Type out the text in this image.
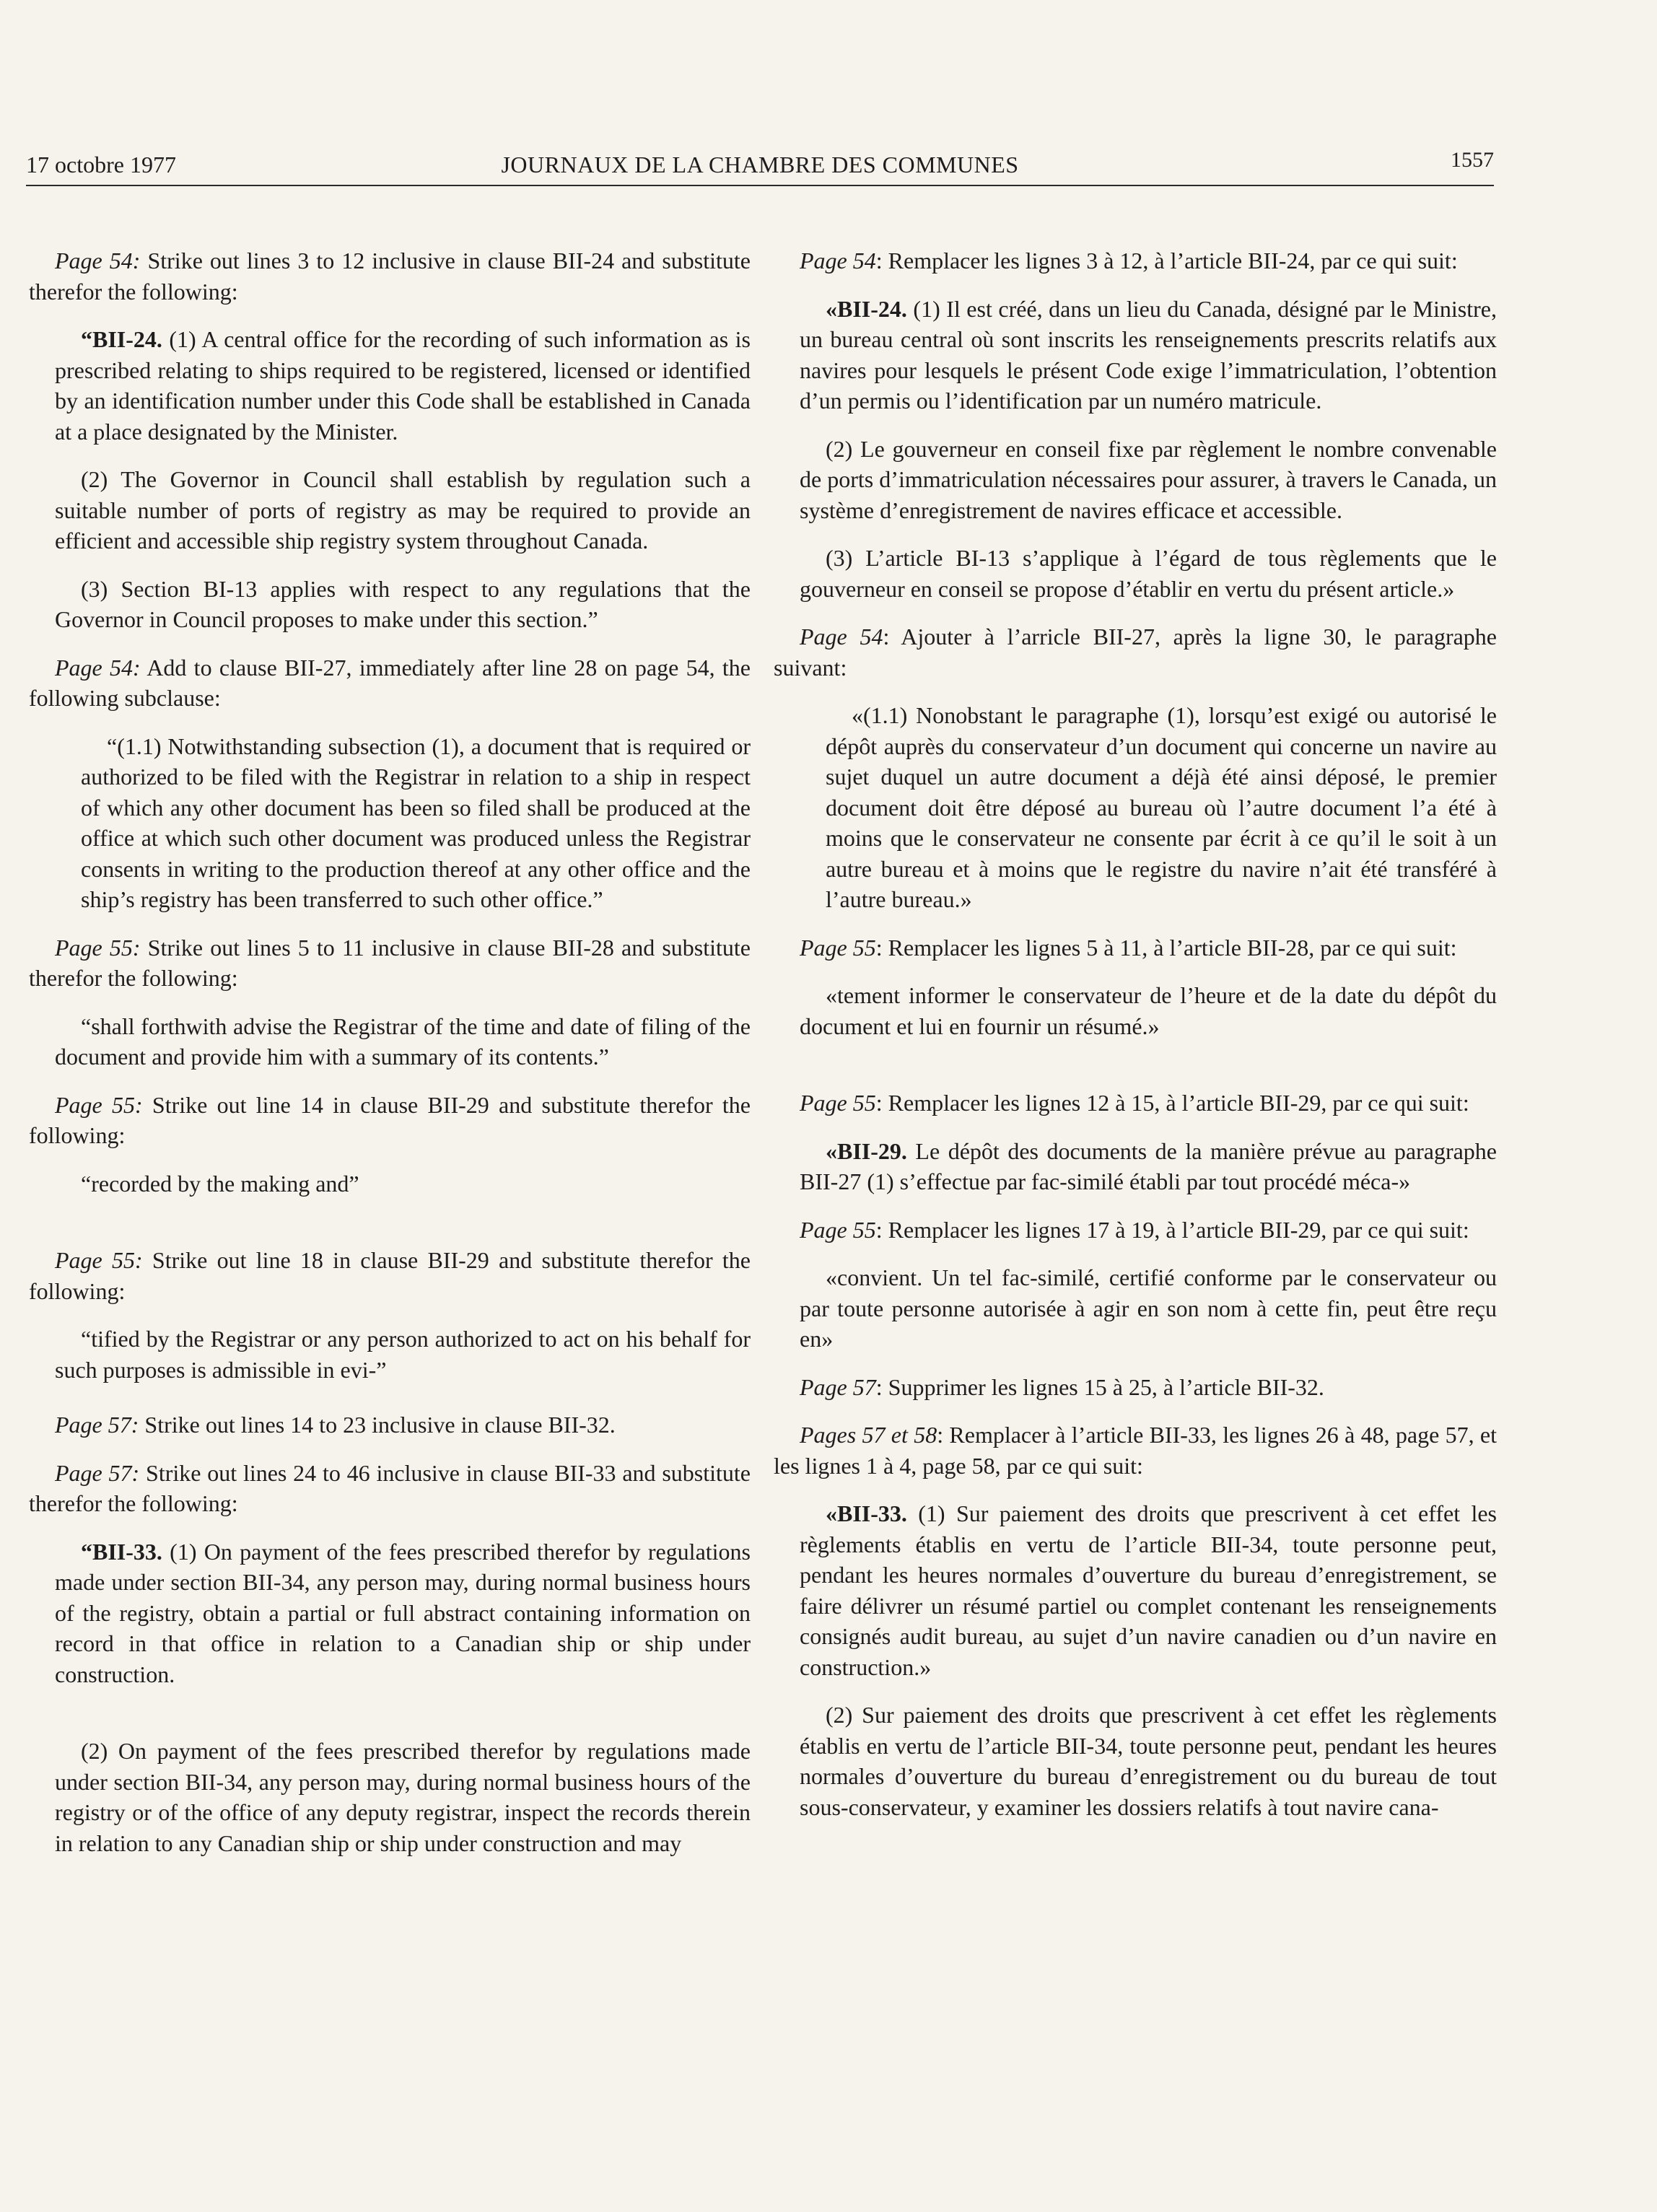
17 octobre 1977	JOURNAUX DE LA CHAMBRE DES COMMUNES	1557

Page 54: Strike out lines 3 to 12 inclusive in clause BII-24 and substitute therefor the following:

“BII-24. (1) A central office for the recording of such information as is prescribed relating to ships required to be registered, licensed or identified by an identification number under this Code shall be established in Canada at a place designated by the Minister.

(2) The Governor in Council shall establish by regulation such a suitable number of ports of registry as may be required to provide an efficient and accessible ship registry system throughout Canada.

(3) Section BI-13 applies with respect to any regulations that the Governor in Council proposes to make under this section.”

Page 54: Add to clause BII-27, immediately after line 28 on page 54, the following subclause:

“(1.1) Notwithstanding subsection (1), a document that is required or authorized to be filed with the Registrar in relation to a ship in respect of which any other document has been so filed shall be produced at the office at which such other document was produced unless the Registrar consents in writing to the production thereof at any other office and the ship’s registry has been transferred to such other office.”

Page 55: Strike out lines 5 to 11 inclusive in clause BII-28 and substitute therefor the following:

“shall forthwith advise the Registrar of the time and date of filing of the document and provide him with a summary of its contents.”

Page 55: Strike out line 14 in clause BII-29 and substitute therefor the following:

“recorded by the making and”

Page 55: Strike out line 18 in clause BII-29 and substitute therefor the following:

“tified by the Registrar or any person authorized to act on his behalf for such purposes is admissible in evi-”

Page 57: Strike out lines 14 to 23 inclusive in clause BII-32.

Page 57: Strike out lines 24 to 46 inclusive in clause BII-33 and substitute therefor the following:

“BII-33. (1) On payment of the fees prescribed therefor by regulations made under section BII-34, any person may, during normal business hours of the registry, obtain a partial or full abstract containing information on record in that office in relation to a Canadian ship or ship under construction.

(2) On payment of the fees prescribed therefor by regulations made under section BII-34, any person may, during normal business hours of the registry or of the office of any deputy registrar, inspect the records therein in relation to any Canadian ship or ship under construction and may

Page 54: Remplacer les lignes 3 à 12, à l’article BII-24, par ce qui suit:

«BII-24. (1) Il est créé, dans un lieu du Canada, désigné par le Ministre, un bureau central où sont inscrits les renseignements prescrits relatifs aux navires pour lesquels le présent Code exige l’immatriculation, l’obtention d’un permis ou l’identification par un numéro matricule.

(2) Le gouverneur en conseil fixe par règlement le nombre convenable de ports d’immatriculation nécessaires pour assurer, à travers le Canada, un système d’enregistrement de navires efficace et accessible.

(3) L’article BI-13 s’applique à l’égard de tous règlements que le gouverneur en conseil se propose d’établir en vertu du présent article.»

Page 54: Ajouter à l’arricle BII-27, après la ligne 30, le paragraphe suivant:

«(1.1) Nonobstant le paragraphe (1), lorsqu’est exigé ou autorisé le dépôt auprès du conservateur d’un document qui concerne un navire au sujet duquel un autre document a déjà été ainsi déposé, le premier document doit être déposé au bureau où l’autre document l’a été à moins que le conservateur ne consente par écrit à ce qu’il le soit à un autre bureau et à moins que le registre du navire n’ait été transféré à l’autre bureau.»

Page 55: Remplacer les lignes 5 à 11, à l’article BII-28, par ce qui suit:

«tement informer le conservateur de l’heure et de la date du dépôt du document et lui en fournir un résumé.»

Page 55: Remplacer les lignes 12 à 15, à l’article BII-29, par ce qui suit:

«BII-29. Le dépôt des documents de la manière prévue au paragraphe BII-27 (1) s’effectue par fac-similé établi par tout procédé méca-»

Page 55: Remplacer les lignes 17 à 19, à l’article BII-29, par ce qui suit:

«convient. Un tel fac-similé, certifié conforme par le conservateur ou par toute personne autorisée à agir en son nom à cette fin, peut être reçu en»

Page 57: Supprimer les lignes 15 à 25, à l’article BII-32.

Pages 57 et 58: Remplacer à l’article BII-33, les lignes 26 à 48, page 57, et les lignes 1 à 4, page 58, par ce qui suit:

«BII-33. (1) Sur paiement des droits que prescrivent à cet effet les règlements établis en vertu de l’article BII-34, toute personne peut, pendant les heures normales d’ouverture du bureau d’enregistrement, se faire délivrer un résumé partiel ou complet contenant les renseignements consignés audit bureau, au sujet d’un navire canadien ou d’un navire en construction.»

(2) Sur paiement des droits que prescrivent à cet effet les règlements établis en vertu de l’article BII-34, toute personne peut, pendant les heures normales d’ouverture du bureau d’enregistrement ou du bureau de tout sous-conservateur, y examiner les dossiers relatifs à tout navire cana-
